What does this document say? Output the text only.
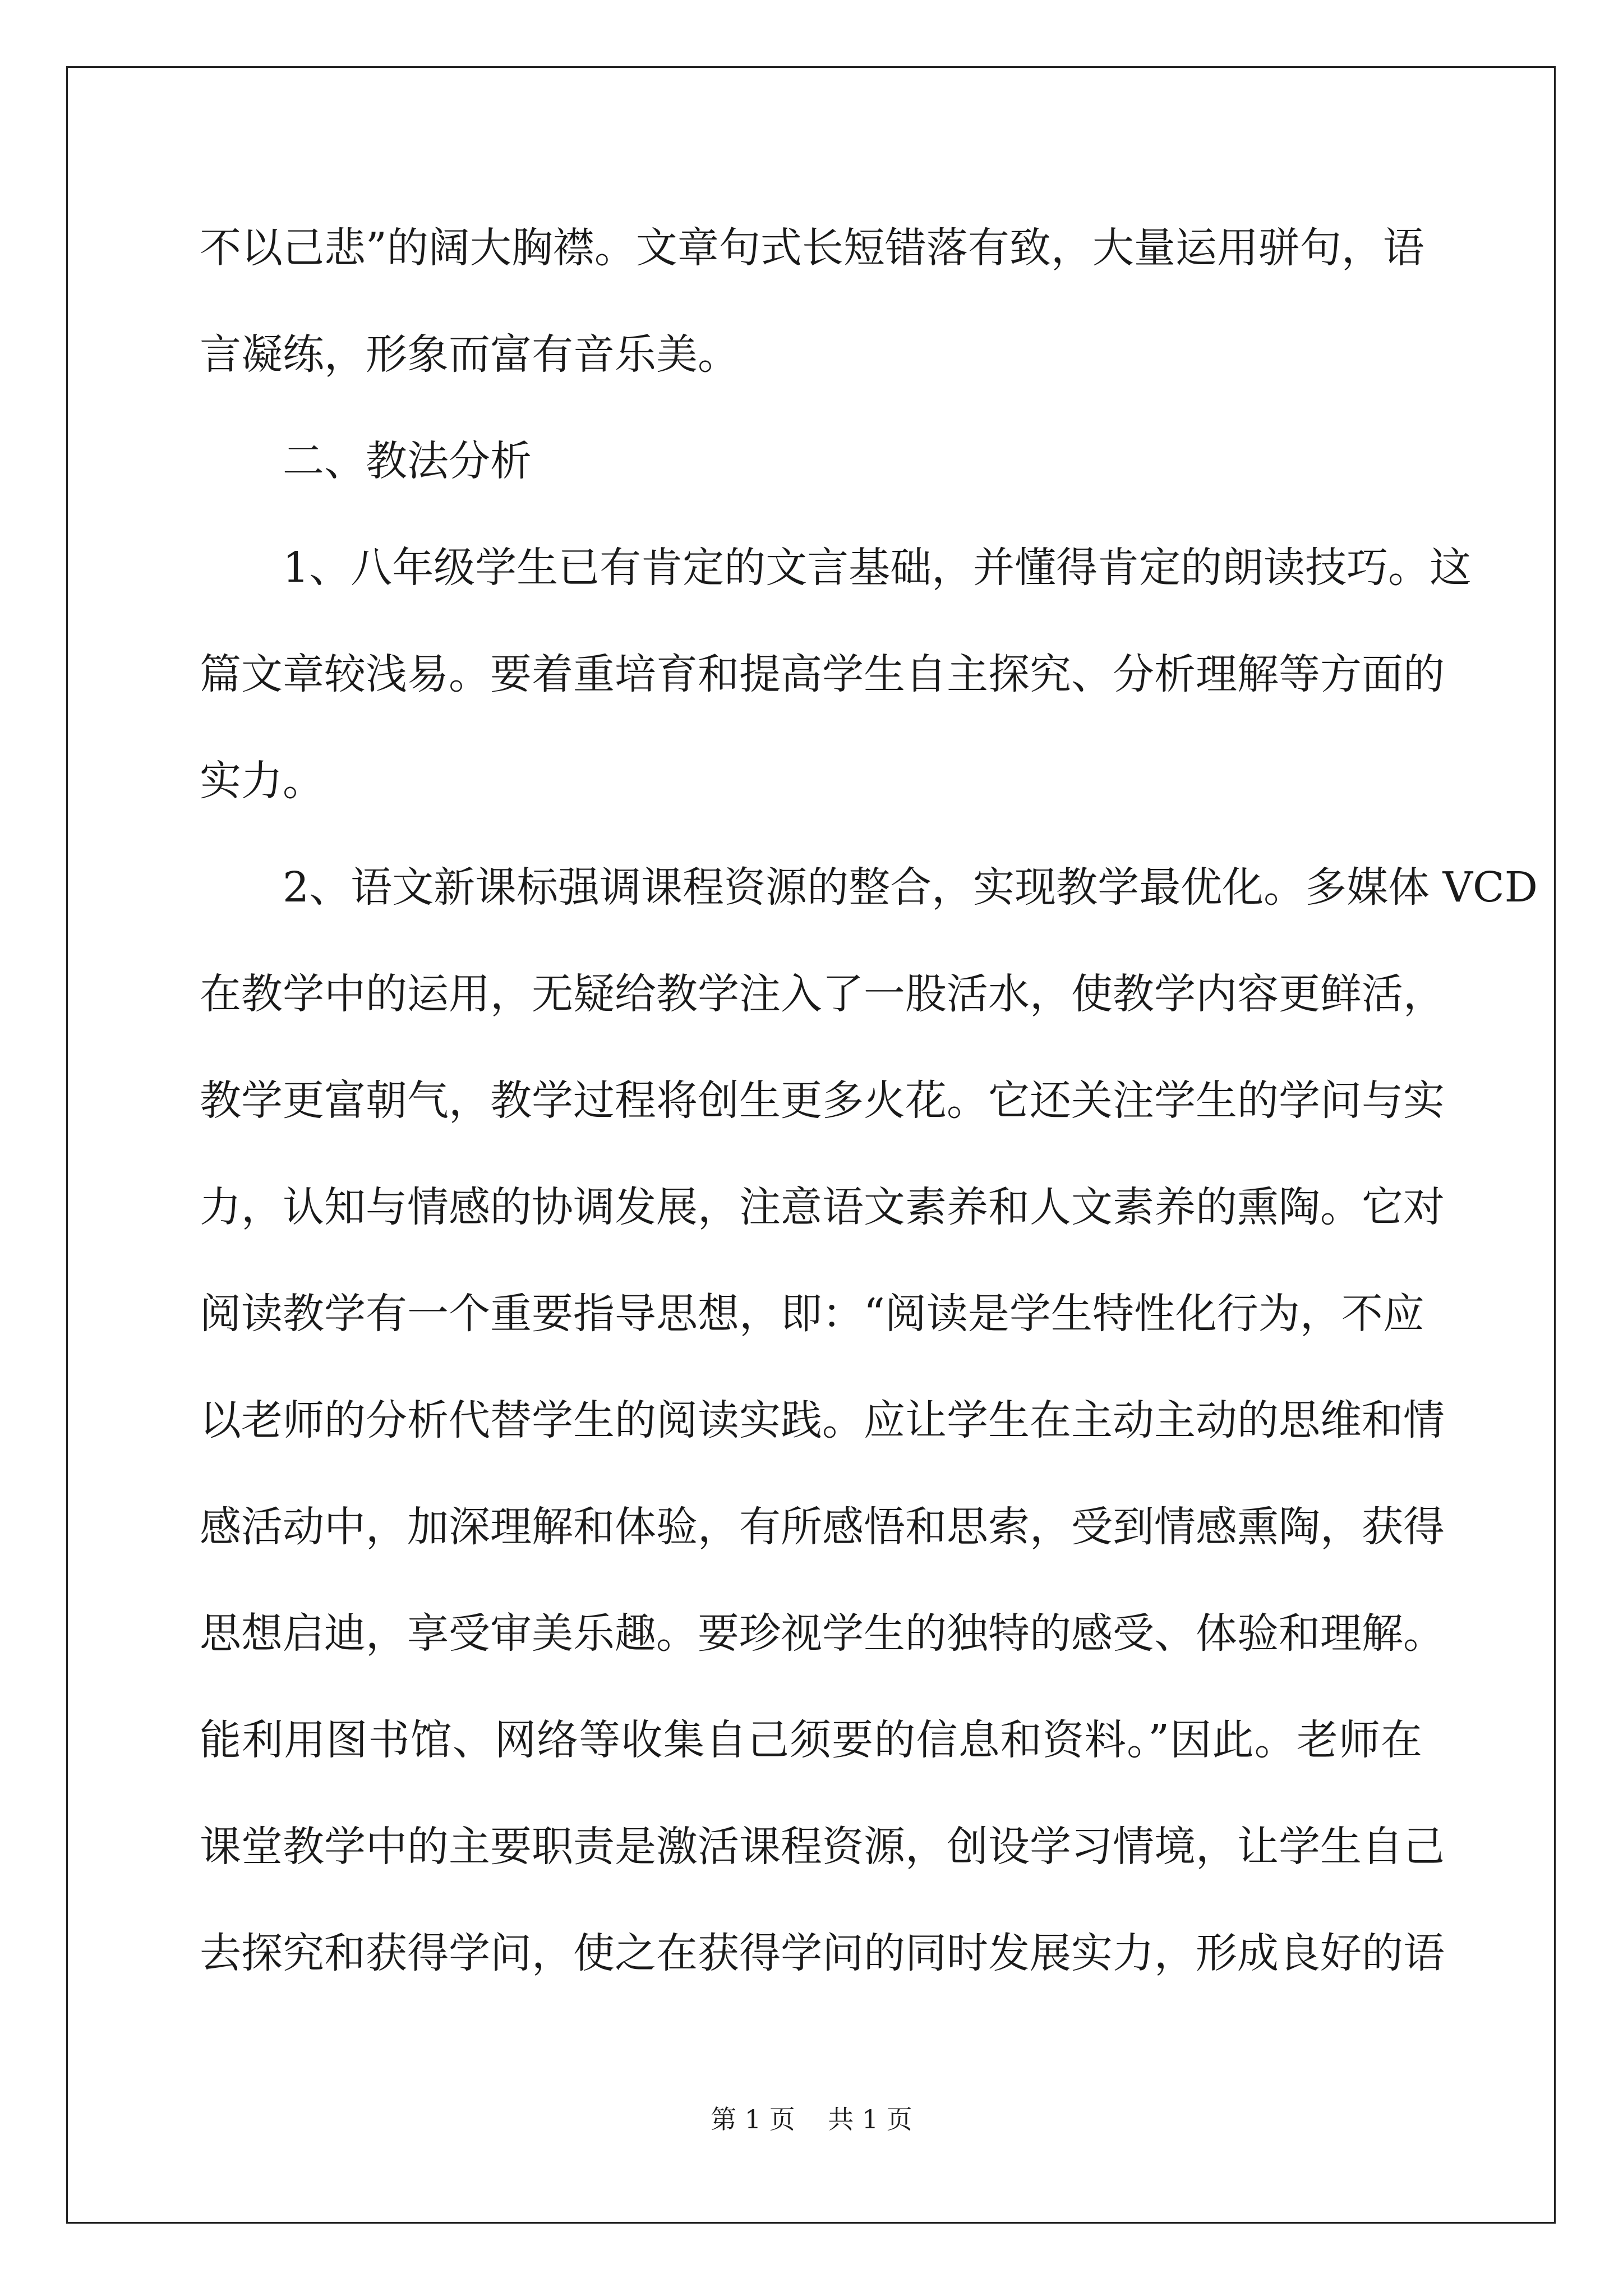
不以己悲”的阔大胸襟。文章句式长短错落有致，大量运用骈句，语
言凝练，形象而富有音乐美。
二、教法分析
1、八年级学生已有肯定的文言基础，并懂得肯定的朗读技巧。这
篇文章较浅易。要着重培育和提高学生自主探究、分析理解等方面的
实力。
2、语文新课标强调课程资源的整合，实现教学最优化。多媒体 VCD
在教学中的运用，无疑给教学注入了一股活水，使教学内容更鲜活，
教学更富朝气，教学过程将创生更多火花。它还关注学生的学问与实
力，认知与情感的协调发展，注意语文素养和人文素养的熏陶。它对
阅读教学有一个重要指导思想，即：“阅读是学生特性化行为，不应
以老师的分析代替学生的阅读实践。应让学生在主动主动的思维和情
感活动中，加深理解和体验，有所感悟和思索，受到情感熏陶，获得
思想启迪，享受审美乐趣。要珍视学生的独特的感受、体验和理解。
能利用图书馆、网络等收集自己须要的信息和资料。”因此。老师在
课堂教学中的主要职责是激活课程资源，创设学习情境，让学生自己
去探究和获得学问，使之在获得学问的同时发展实力，形成良好的语
第 1 页 共 1 页
